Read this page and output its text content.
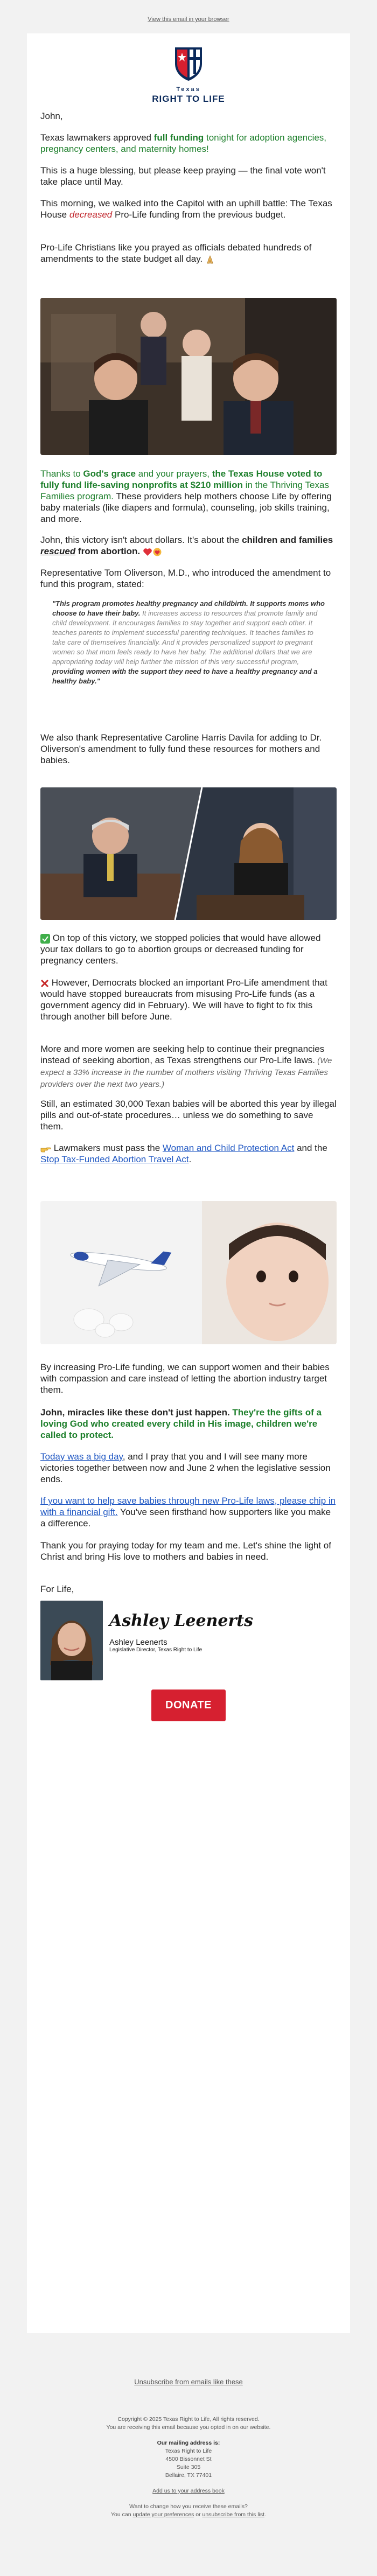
View this email in your browser
Texas
RIGHT TO LIFE

John,

Texas lawmakers approved full funding tonight for adoption agencies, pregnancy centers, and maternity homes!

This is a huge blessing, but please keep praying — the final vote won't take place until May.

This morning, we walked into the Capitol with an uphill battle: The Texas House decreased Pro-Life funding from the previous budget.

Pro-Life Christians like you prayed as officials debated hundreds of amendments to the state budget all day.

Thanks to God's grace and your prayers, the Texas House voted to fully fund life-saving nonprofits at $210 million in the Thriving Texas Families program. These providers help mothers choose Life by offering baby materials (like diapers and formula), counseling, job skills training, and more.

John, this victory isn't about dollars. It's about the children and families rescued from abortion.

Representative Tom Oliverson, M.D., who introduced the amendment to fund this program, stated:

"This program promotes healthy pregnancy and childbirth. It supports moms who choose to have their baby. It increases access to resources that promote family and child development. It encourages families to stay together and support each other. It teaches parents to implement successful parenting techniques. It teaches families to take care of themselves financially. And it provides personalized support to pregnant women so that mom feels ready to have her baby. The additional dollars that we are appropriating today will help further the mission of this very successful program, providing women with the support they need to have a healthy pregnancy and a healthy baby."

We also thank Representative Caroline Harris Davila for adding to Dr. Oliverson's amendment to fully fund these resources for mothers and babies.

On top of this victory, we stopped policies that would have allowed your tax dollars to go to abortion groups or decreased funding for pregnancy centers.

However, Democrats blocked an important Pro-Life amendment that would have stopped bureaucrats from misusing Pro-Life funds (as a government agency did in February). We will have to fight to fix this through another bill before June.

More and more women are seeking help to continue their pregnancies instead of seeking abortion, as Texas strengthens our Pro-Life laws. (We expect a 33% increase in the number of mothers visiting Thriving Texas Families providers over the next two years.)

Still, an estimated 30,000 Texan babies will be aborted this year by illegal pills and out-of-state procedures… unless we do something to save them.

Lawmakers must pass the Woman and Child Protection Act and the Stop Tax-Funded Abortion Travel Act.

By increasing Pro-Life funding, we can support women and their babies with compassion and care instead of letting the abortion industry target them.

John, miracles like these don't just happen. They're the gifts of a loving God who created every child in His image, children we're called to protect.

Today was a big day, and I pray that you and I will see many more victories together between now and June 2 when the legislative session ends.

If you want to help save babies through new Pro-Life laws, please chip in with a financial gift. You've seen firsthand how supporters like you make a difference.

Thank you for praying today for my team and me. Let's shine the light of Christ and bring His love to mothers and babies in need.

For Life,

Ashley Leenerts
Ashley Leenerts
Legislative Director, Texas Right to Life
DONATE
Unsubscribe from emails like these
Copyright © 2025 Texas Right to Life, All rights reserved.
You are receiving this email because you opted in on our website.
Our mailing address is:
Texas Right to Life
4500 Bissonnet St
Suite 305
Bellaire, TX 77401
Add us to your address book
Want to change how you receive these emails?
You can update your preferences or unsubscribe from this list.
